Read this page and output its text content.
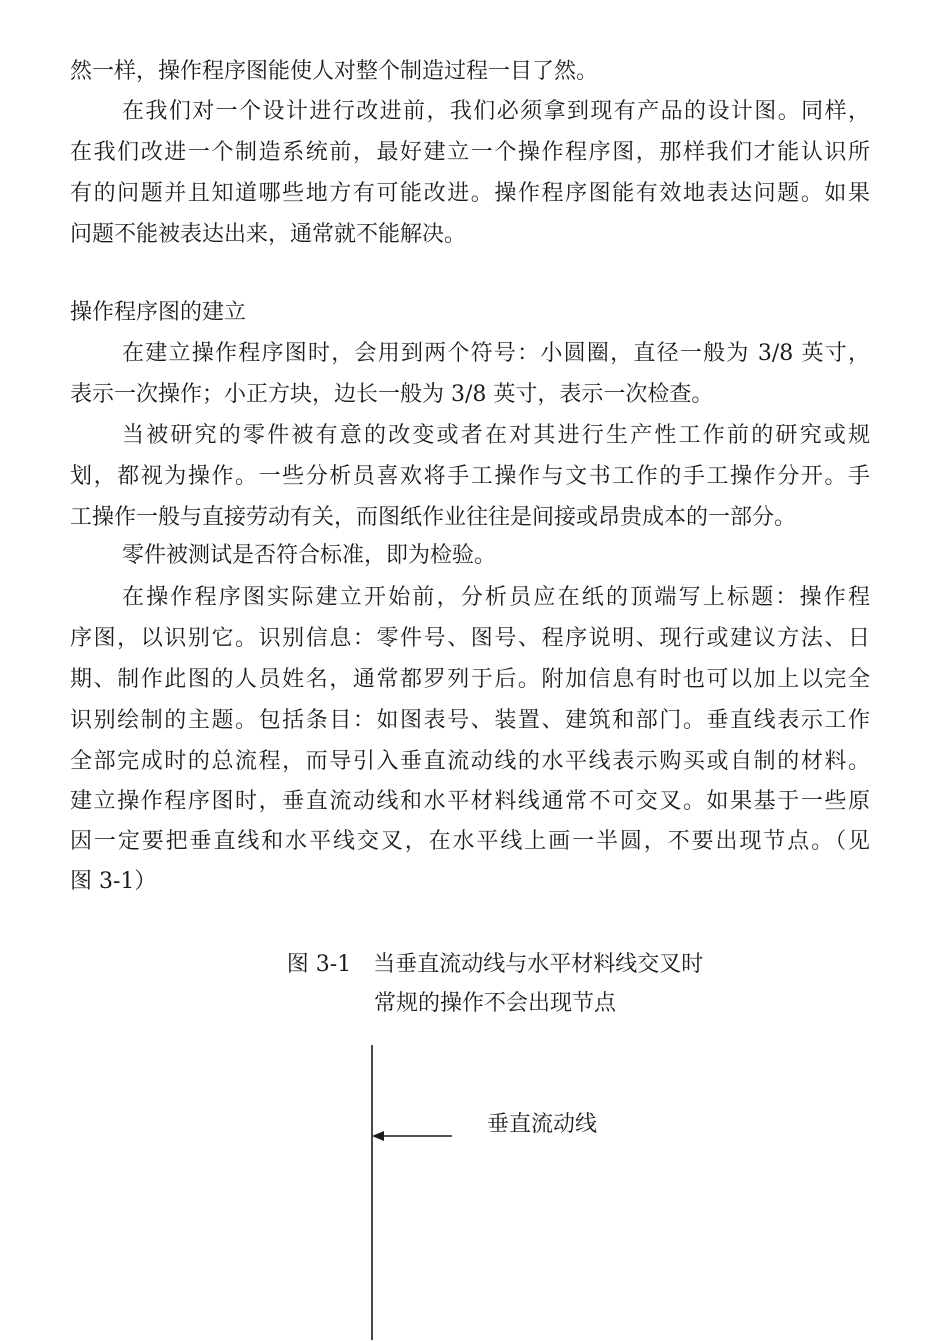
然一样，操作程序图能使人对整个制造过程一目了然。
在我们对一个设计进行改进前，我们必须拿到现有产品的设计图。同样，
在我们改进一个制造系统前，最好建立一个操作程序图，那样我们才能认识所
有的问题并且知道哪些地方有可能改进。操作程序图能有效地表达问题。如果
问题不能被表达出来，通常就不能解决。
操作程序图的建立
在建立操作程序图时，会用到两个符号：小圆圈，直径一般为 3/8 英寸，
表示一次操作；小正方块，边长一般为 3/8 英寸，表示一次检查。
当被研究的零件被有意的改变或者在对其进行生产性工作前的研究或规
划，都视为操作。一些分析员喜欢将手工操作与文书工作的手工操作分开。手
工操作一般与直接劳动有关，而图纸作业往往是间接或昂贵成本的一部分。
零件被测试是否符合标准，即为检验。
在操作程序图实际建立开始前，分析员应在纸的顶端写上标题：操作程
序图，以识别它。识别信息：零件号、图号、程序说明、现行或建议方法、日
期、制作此图的人员姓名，通常都罗列于后。附加信息有时也可以加上以完全
识别绘制的主题。包括条目：如图表号、装置、建筑和部门。垂直线表示工作
全部完成时的总流程，而导引入垂直流动线的水平线表示购买或自制的材料。
建立操作程序图时，垂直流动线和水平材料线通常不可交叉。如果基于一些原
因一定要把垂直线和水平线交叉，在水平线上画一半圆，不要出现节点。（见
图 3-1）
图 3-1　当垂直流动线与水平材料线交叉时
常规的操作不会出现节点
垂直流动线
